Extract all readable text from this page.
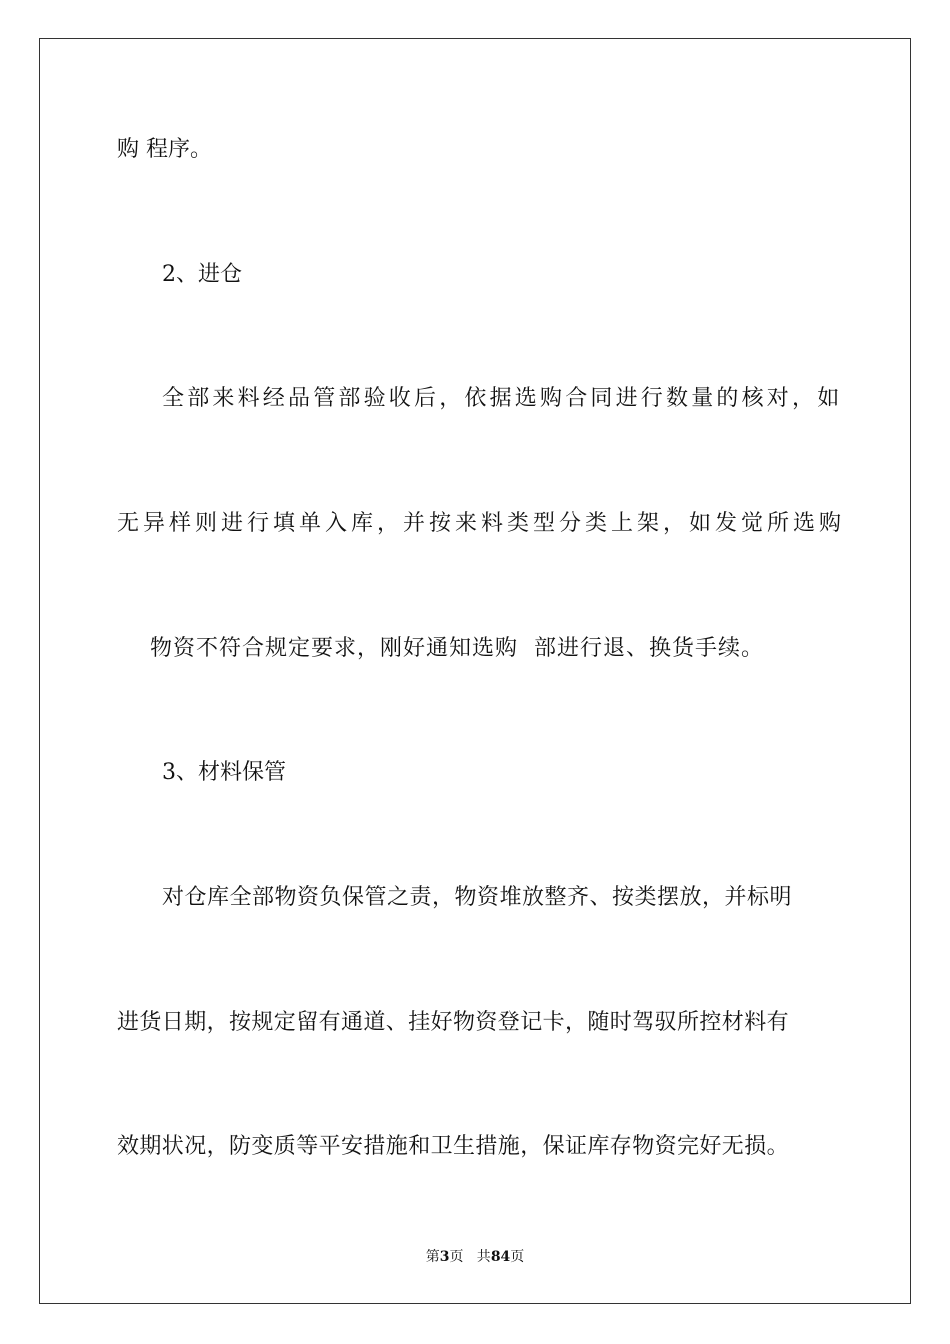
购 程序。

2、进仓

全部来料经品管部验收后，依据选购合同进行数量的核对，如

无异样则进行填单入库，并按来料类型分类上架，如发觉所选购

物资不符合规定要求，刚好通知选购  部进行退、换货手续。

3、材料保管

对仓库全部物资负保管之责，物资堆放整齐、按类摆放，并标明

进货日期，按规定留有通道、挂好物资登记卡，随时驾驭所控材料有

效期状况，防变质等平安措施和卫生措施，保证库存物资完好无损。

第3页   共84页
